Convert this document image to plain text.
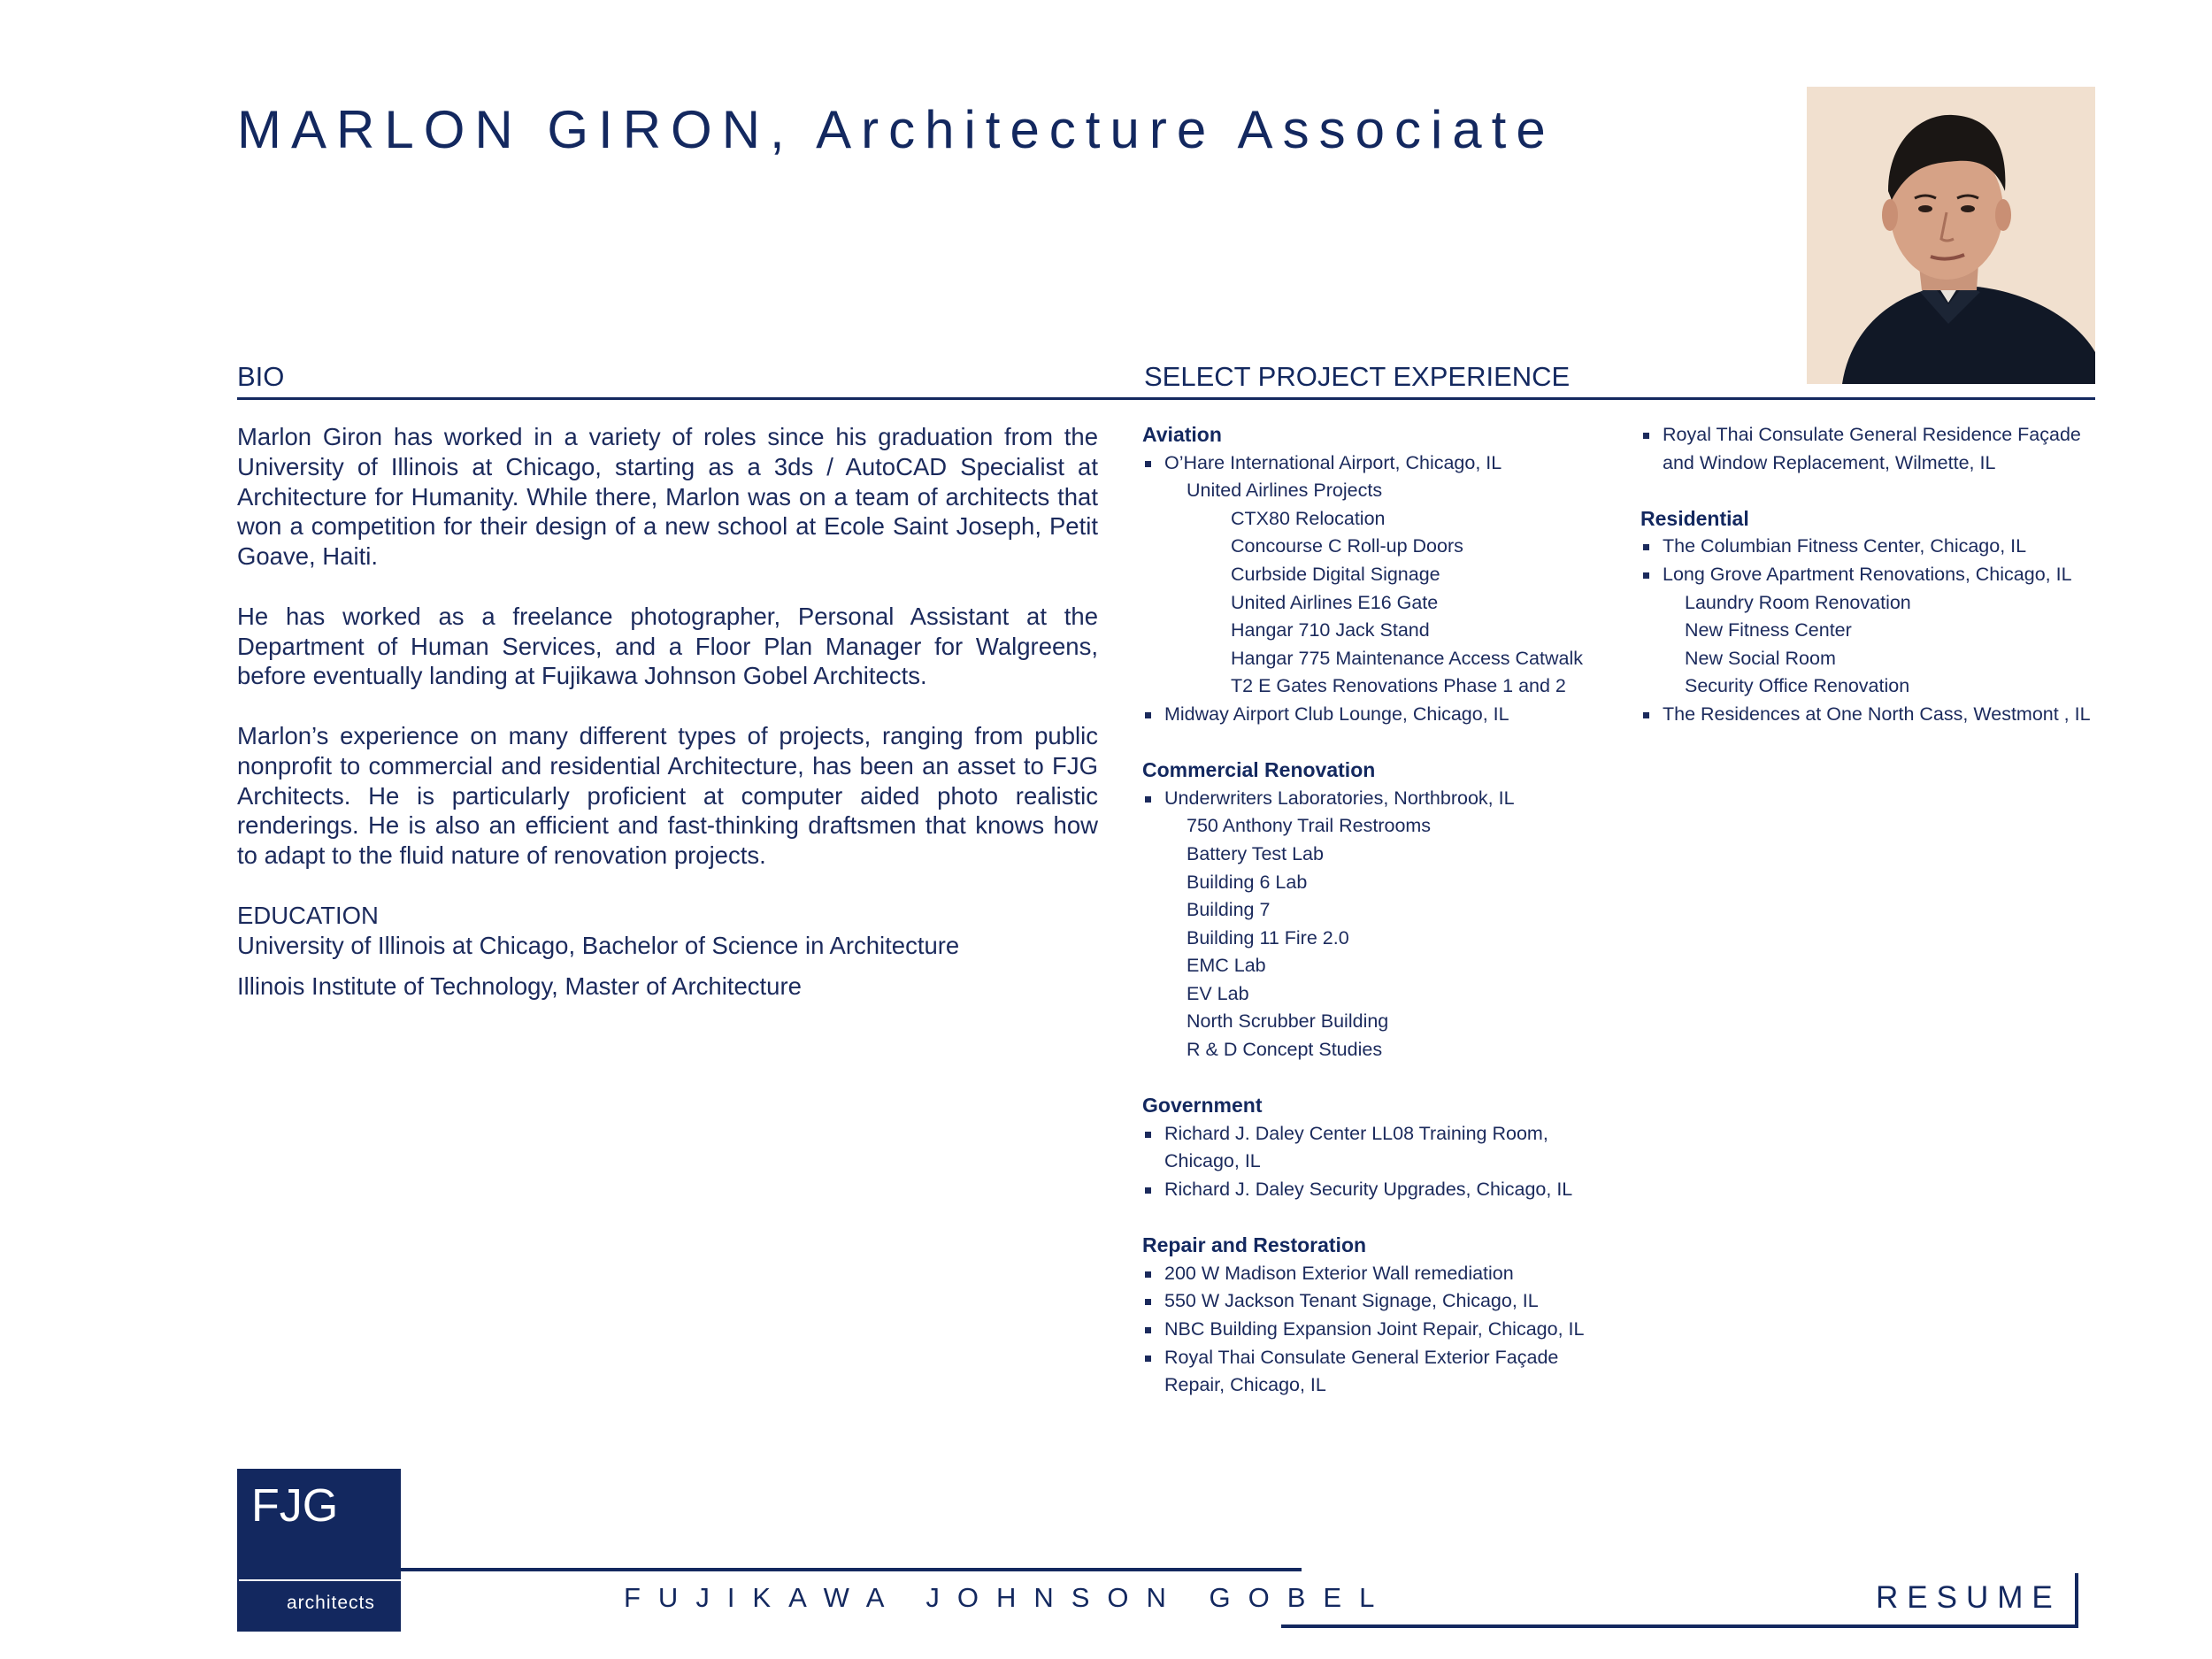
MARLON GIRON, Architecture Associate
BIO	SELECT PROJECT EXPERIENCE

Marlon Giron has worked in a variety of roles since his graduation from the University of Illinois at Chicago, starting as a 3ds / AutoCAD Specialist at Architecture for Humanity. While there, Marlon was on a team of architects that won a competition for their design of a new school at Ecole Saint Joseph, Petit Goave, Haiti.

He has worked as a freelance photographer, Personal Assistant at the Department of Human Services, and a Floor Plan Manager for Walgreens, before eventually landing at Fujikawa Johnson Gobel Architects.

Marlon’s experience on many different types of projects, ranging from public nonprofit to commercial and residential Architecture, has been an asset to FJG Architects. He is particularly proficient at computer aided photo realistic renderings. He is also an efficient and fast-thinking draftsmen that knows how to adapt to the fluid nature of renovation projects.

EDUCATION
University of Illinois at Chicago, Bachelor of Science in Architecture
Illinois Institute of Technology, Master of Architecture
Aviation
O’Hare International Airport, Chicago, IL
United Airlines Projects
CTX80 Relocation
Concourse C Roll-up Doors
Curbside Digital Signage
United Airlines E16 Gate
Hangar 710 Jack Stand
Hangar 775 Maintenance Access Catwalk
T2 E Gates Renovations Phase 1 and 2
Midway Airport Club Lounge, Chicago, IL
Commercial Renovation
Underwriters Laboratories, Northbrook, IL
750 Anthony Trail Restrooms
Battery Test Lab
Building 6 Lab
Building 7
Building 11 Fire 2.0
EMC Lab
EV Lab
North Scrubber Building
R & D Concept Studies
Government
Richard J. Daley Center LL08 Training Room, Chicago, IL
Richard J. Daley Security Upgrades, Chicago, IL
Repair and Restoration
200 W Madison Exterior Wall remediation
550 W Jackson Tenant Signage, Chicago, IL
NBC Building Expansion Joint Repair, Chicago, IL
Royal Thai Consulate General Exterior Façade Repair, Chicago, IL
Royal Thai Consulate General Residence Façade and Window Replacement, Wilmette, IL
Residential
The Columbian Fitness Center, Chicago, IL
Long Grove Apartment Renovations, Chicago, IL
Laundry Room Renovation
New Fitness Center
New Social Room
Security Office Renovation
The Residences at One North Cass, Westmont , IL
FJG
architects	FUJIKAWA JOHNSON GOBEL	RESUME
